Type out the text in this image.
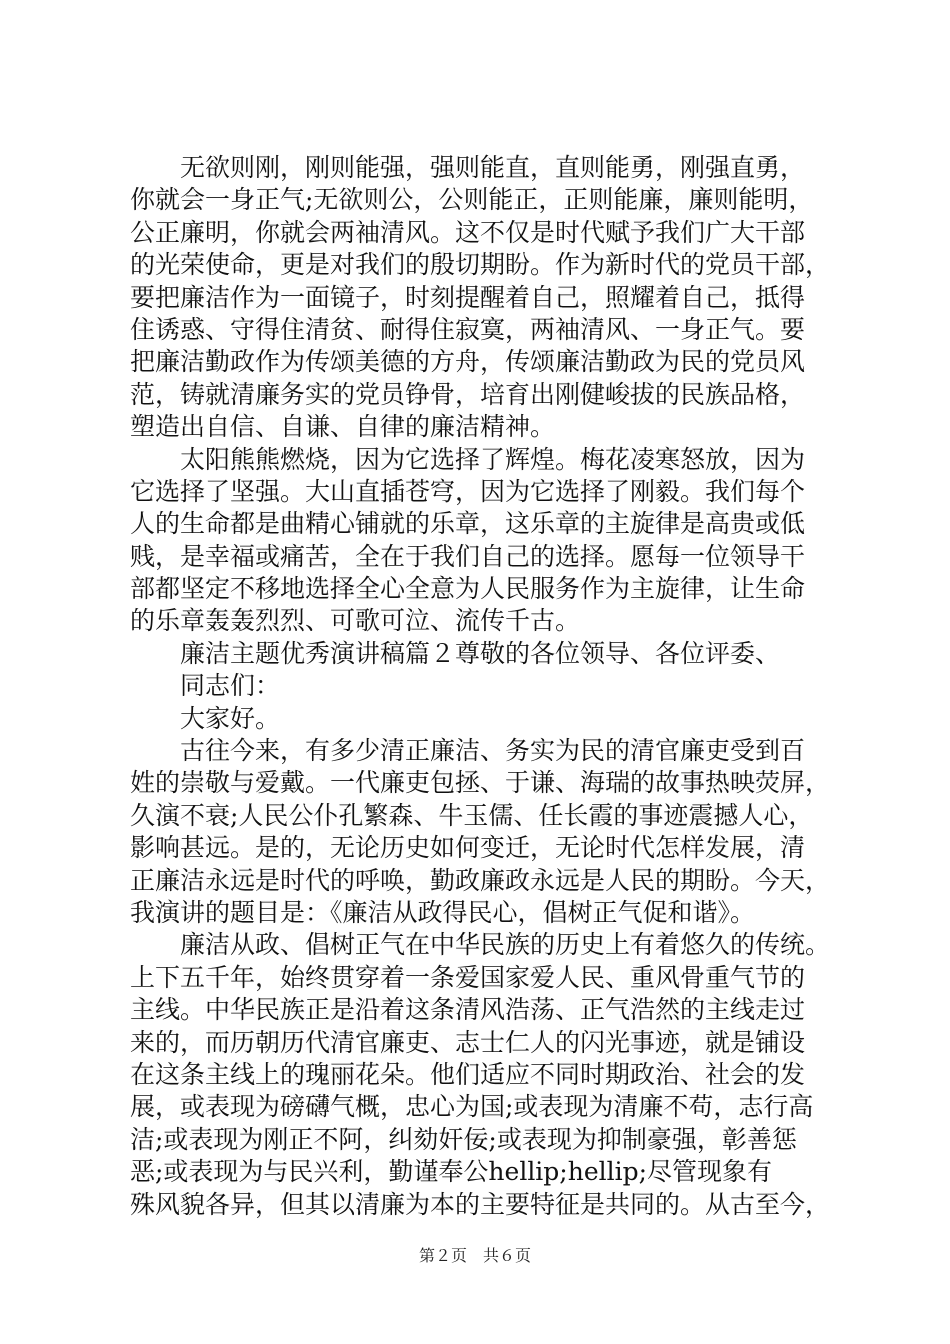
无欲则刚，刚则能强，强则能直，直则能勇，刚强直勇，
你就会一身正气;无欲则公，公则能正，正则能廉，廉则能明，
公正廉明，你就会两袖清风。这不仅是时代赋予我们广大干部
的光荣使命，更是对我们的殷切期盼。作为新时代的党员干部，
要把廉洁作为一面镜子，时刻提醒着自己，照耀着自己，抵得
住诱惑、守得住清贫、耐得住寂寞，两袖清风、一身正气。要
把廉洁勤政作为传颂美德的方舟，传颂廉洁勤政为民的党员风
范，铸就清廉务实的党员铮骨，培育出刚健峻拔的民族品格，
塑造出自信、自谦、自律的廉洁精神。
太阳熊熊燃烧，因为它选择了辉煌。梅花凌寒怒放，因为
它选择了坚强。大山直插苍穹，因为它选择了刚毅。我们每个
人的生命都是曲精心铺就的乐章，这乐章的主旋律是高贵或低
贱，是幸福或痛苦，全在于我们自己的选择。愿每一位领导干
部都坚定不移地选择全心全意为人民服务作为主旋律，让生命
的乐章轰轰烈烈、可歌可泣、流传千古。
廉洁主题优秀演讲稿篇２尊敬的各位领导、各位评委、
同志们：
大家好。
古往今来，有多少清正廉洁、务实为民的清官廉吏受到百
姓的崇敬与爱戴。一代廉吏包拯、于谦、海瑞的故事热映荧屏，
久演不衰;人民公仆孔繁森、牛玉儒、任长霞的事迹震撼人心，
影响甚远。是的，无论历史如何变迁，无论时代怎样发展，清
正廉洁永远是时代的呼唤，勤政廉政永远是人民的期盼。今天，
我演讲的题目是：《廉洁从政得民心，倡树正气促和谐》。
廉洁从政、倡树正气在中华民族的历史上有着悠久的传统。
上下五千年，始终贯穿着一条爱国家爱人民、重风骨重气节的
主线。中华民族正是沿着这条清风浩荡、正气浩然的主线走过
来的，而历朝历代清官廉吏、志士仁人的闪光事迹，就是铺设
在这条主线上的瑰丽花朵。他们适应不同时期政治、社会的发
展，或表现为磅礴气概，忠心为国;或表现为清廉不苟，志行高
洁;或表现为刚正不阿，纠劾奸佞;或表现为抑制豪强，彰善惩
恶;或表现为与民兴利，勤谨奉公hellip;hellip;尽管现象有
殊风貌各异，但其以清廉为本的主要特征是共同的。从古至今，
第２页　共６页
